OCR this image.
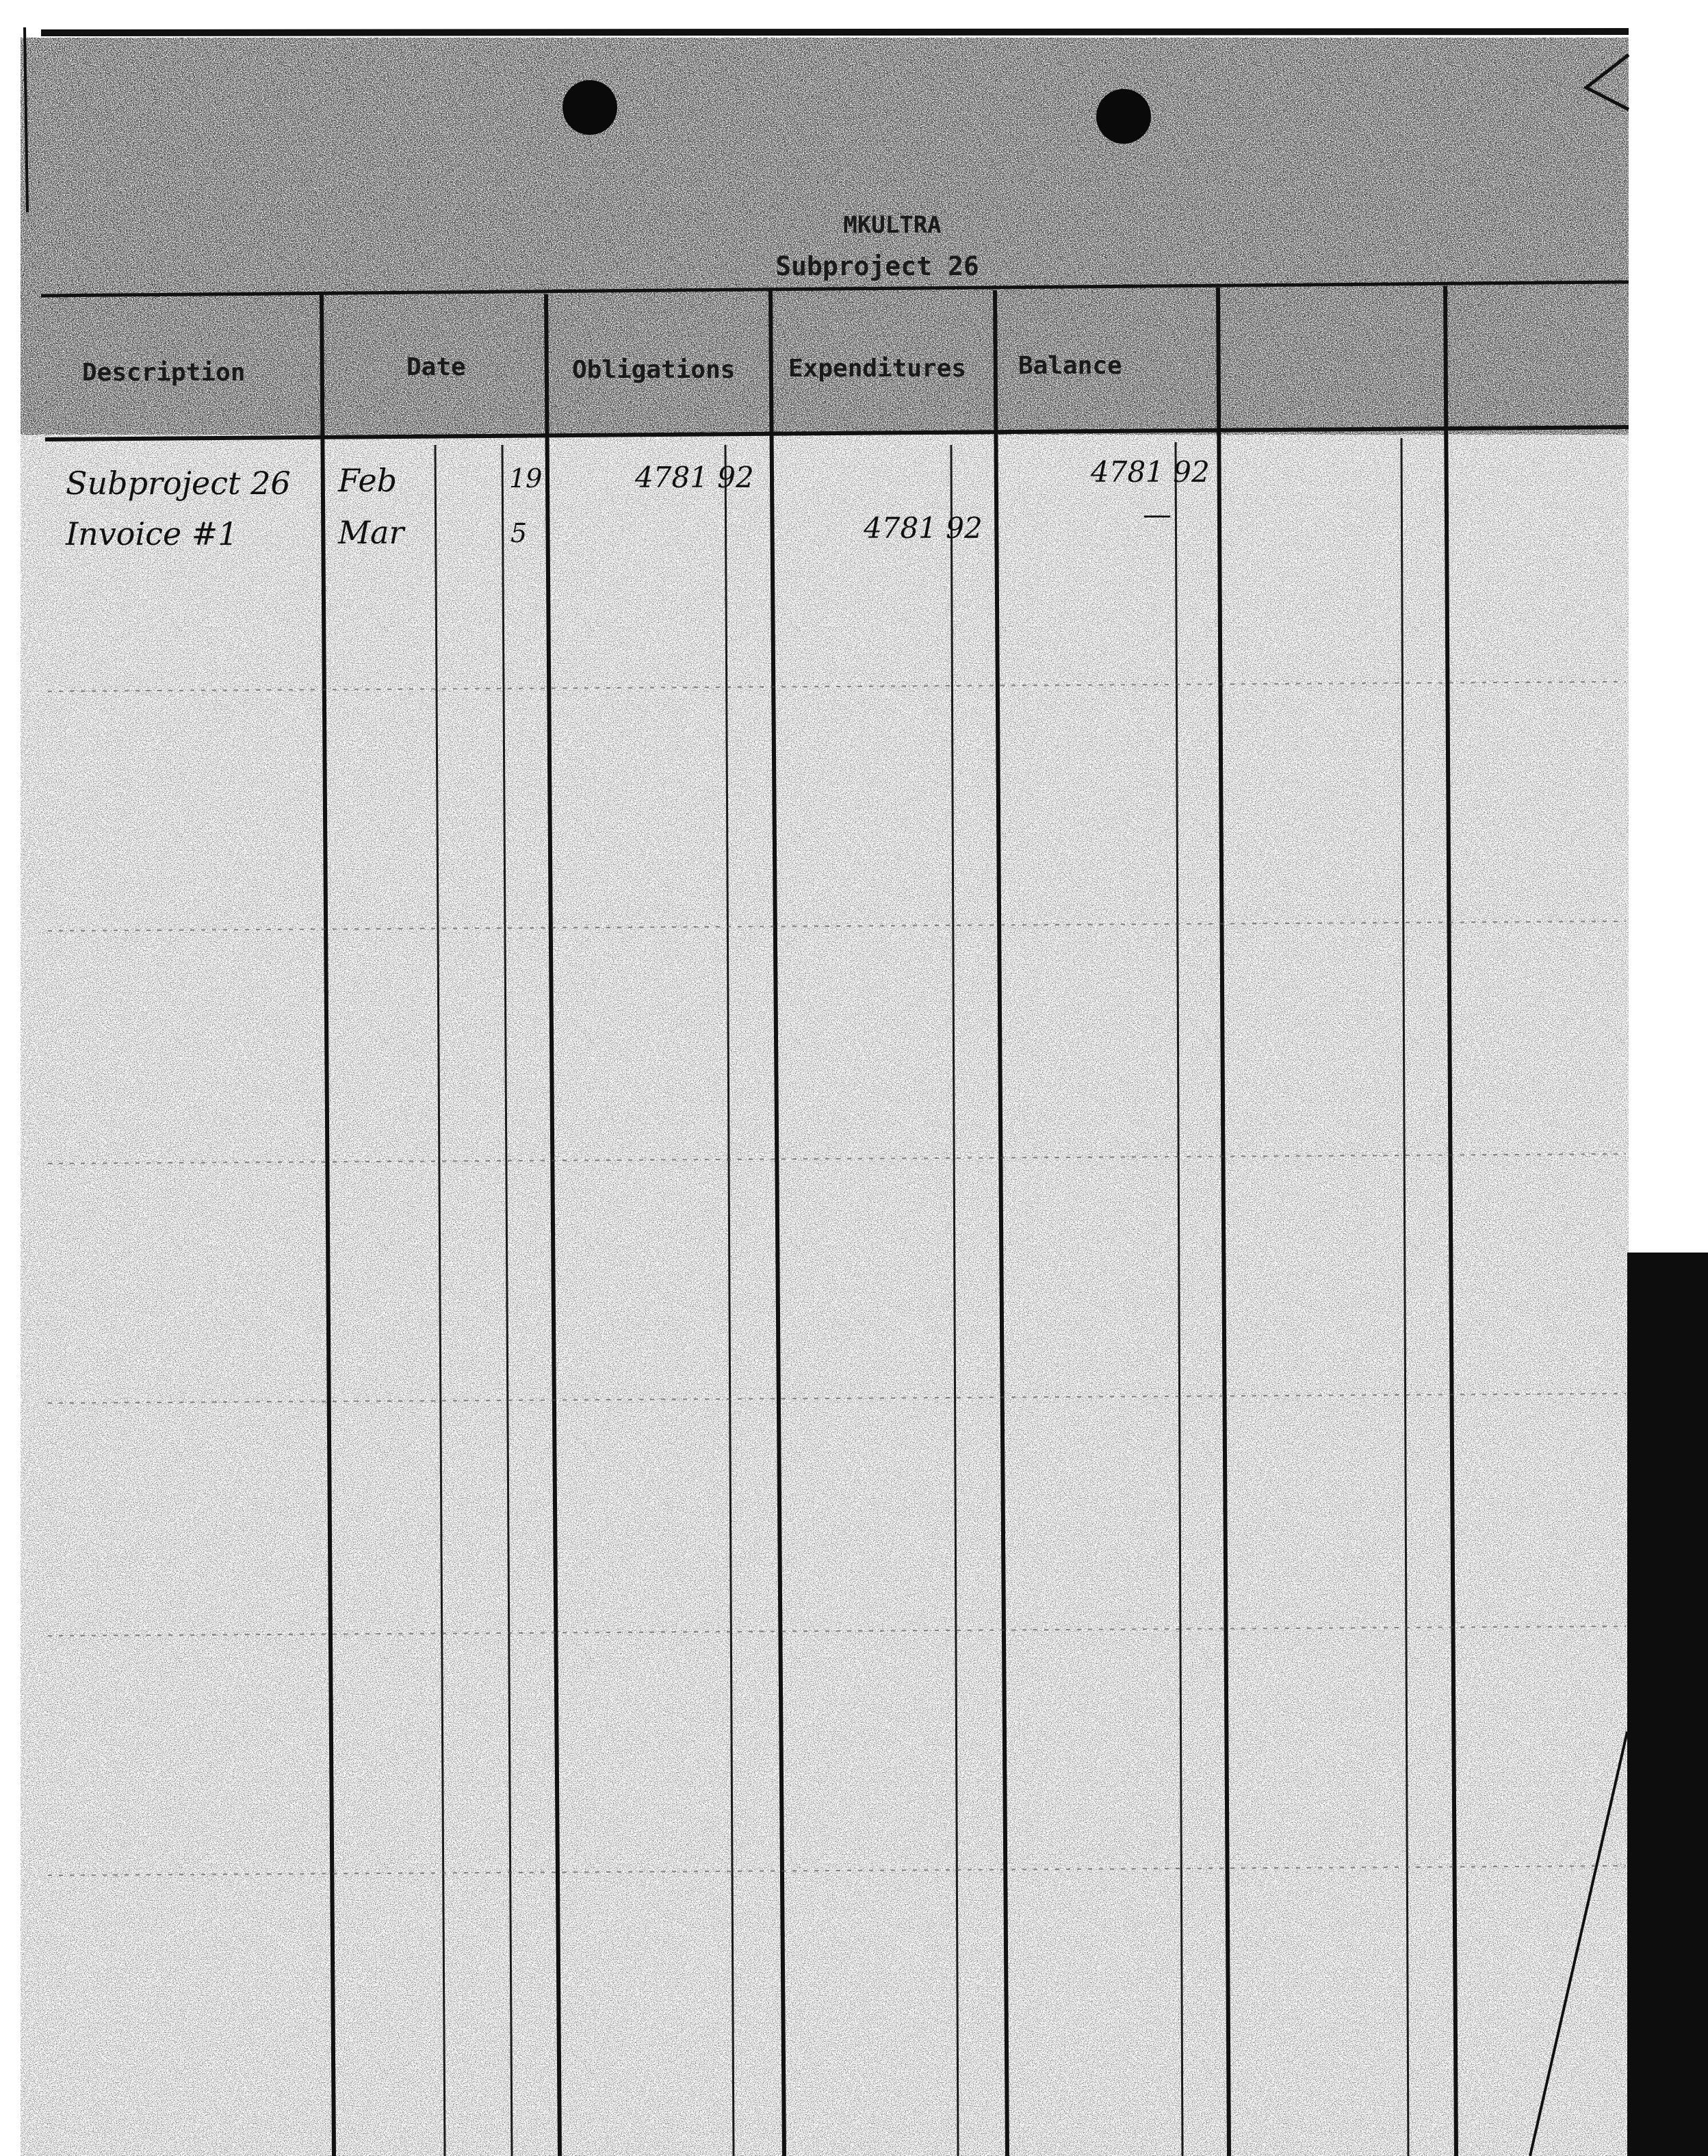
MKULTRA
Subproject 26
Description	Date	Obligations Expenditures Balance
Subproject 26 Feb	19	4781 92	4781 92
Invoice #1	Mar	5	4781 92	—
